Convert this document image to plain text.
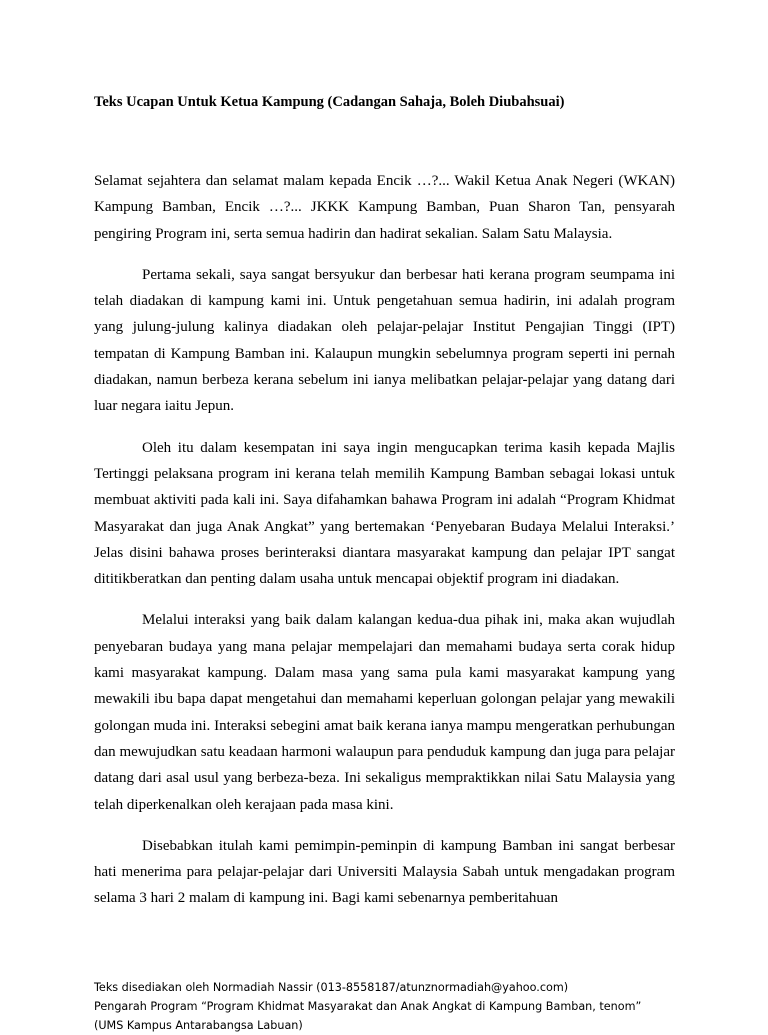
Teks Ucapan Untuk Ketua Kampung (Cadangan Sahaja, Boleh Diubahsuai)

Selamat sejahtera dan selamat malam kepada Encik …?... Wakil Ketua Anak Negeri (WKAN) Kampung Bamban, Encik …?... JKKK Kampung Bamban, Puan Sharon Tan, pensyarah pengiring Program ini, serta semua hadirin dan hadirat sekalian. Salam Satu Malaysia.

Pertama sekali, saya sangat bersyukur dan berbesar hati kerana program seumpama ini telah diadakan di kampung kami ini. Untuk pengetahuan semua hadirin, ini adalah program yang julung-julung kalinya diadakan oleh pelajar-pelajar Institut Pengajian Tinggi (IPT) tempatan di Kampung Bamban ini. Kalaupun mungkin sebelumnya program seperti ini pernah diadakan, namun berbeza kerana sebelum ini ianya melibatkan pelajar-pelajar yang datang dari luar negara iaitu Jepun.

Oleh itu dalam kesempatan ini saya ingin mengucapkan terima kasih kepada Majlis Tertinggi pelaksana program ini kerana telah memilih Kampung Bamban sebagai lokasi untuk membuat aktiviti pada kali ini. Saya difahamkan bahawa Program ini adalah “Program Khidmat Masyarakat dan juga Anak Angkat” yang bertemakan ‘Penyebaran Budaya Melalui Interaksi.’ Jelas disini bahawa proses berinteraksi diantara masyarakat kampung dan pelajar IPT sangat dititikberatkan dan penting dalam usaha untuk mencapai objektif program ini diadakan.

Melalui interaksi yang baik dalam kalangan kedua-dua pihak ini, maka akan wujudlah penyebaran budaya yang mana pelajar mempelajari dan memahami budaya serta corak hidup kami masyarakat kampung. Dalam masa yang sama pula kami masyarakat kampung yang mewakili ibu bapa dapat mengetahui dan memahami keperluan golongan pelajar yang mewakili golongan muda ini. Interaksi sebegini amat baik kerana ianya mampu mengeratkan perhubungan dan mewujudkan satu keadaan harmoni walaupun para penduduk kampung dan juga para pelajar datang dari asal usul yang berbeza-beza. Ini sekaligus mempraktikkan nilai Satu Malaysia yang telah diperkenalkan oleh kerajaan pada masa kini.

Disebabkan itulah kami pemimpin-peminpin di kampung Bamban ini sangat berbesar hati menerima para pelajar-pelajar dari Universiti Malaysia Sabah untuk mengadakan program selama 3 hari 2 malam di kampung ini. Bagi kami sebenarnya pemberitahuan

Teks disediakan oleh Normadiah Nassir (013-8558187/atunznormadiah@yahoo.com)
Pengarah Program “Program Khidmat Masyarakat dan Anak Angkat di Kampung Bamban, tenom”
(UMS Kampus Antarabangsa Labuan)
